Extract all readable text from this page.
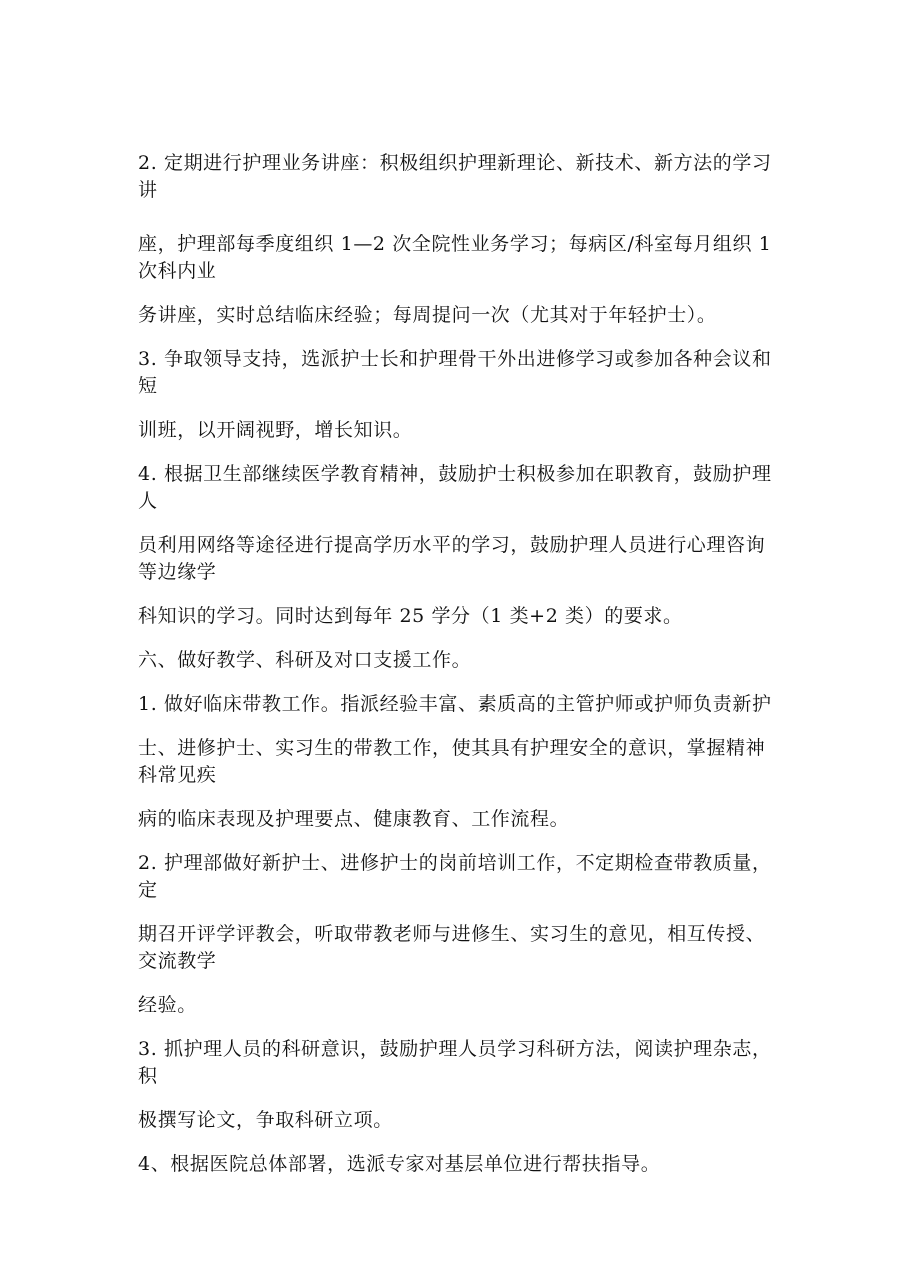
2. 定期进行护理业务讲座：积极组织护理新理论、新技术、新方法的学习讲

座，护理部每季度组织 1—2 次全院性业务学习；每病区/科室每月组织 1 次科内业

务讲座，实时总结临床经验；每周提问一次（尤其对于年轻护士）。

3. 争取领导支持，选派护士长和护理骨干外出进修学习或参加各种会议和短

训班，以开阔视野，增长知识。

4. 根据卫生部继续医学教育精神，鼓励护士积极参加在职教育，鼓励护理人

员利用网络等途径进行提高学历水平的学习，鼓励护理人员进行心理咨询等边缘学

科知识的学习。同时达到每年 25 学分（1 类+2 类）的要求。

六、做好教学、科研及对口支援工作。

1. 做好临床带教工作。指派经验丰富、素质高的主管护师或护师负责新护

士、进修护士、实习生的带教工作，使其具有护理安全的意识，掌握精神科常见疾

病的临床表现及护理要点、健康教育、工作流程。

2. 护理部做好新护士、进修护士的岗前培训工作，不定期检查带教质量，定

期召开评学评教会，听取带教老师与进修生、实习生的意见，相互传授、交流教学

经验。

3. 抓护理人员的科研意识，鼓励护理人员学习科研方法，阅读护理杂志，积

极撰写论文，争取科研立项。

4、根据医院总体部署，选派专家对基层单位进行帮扶指导。
